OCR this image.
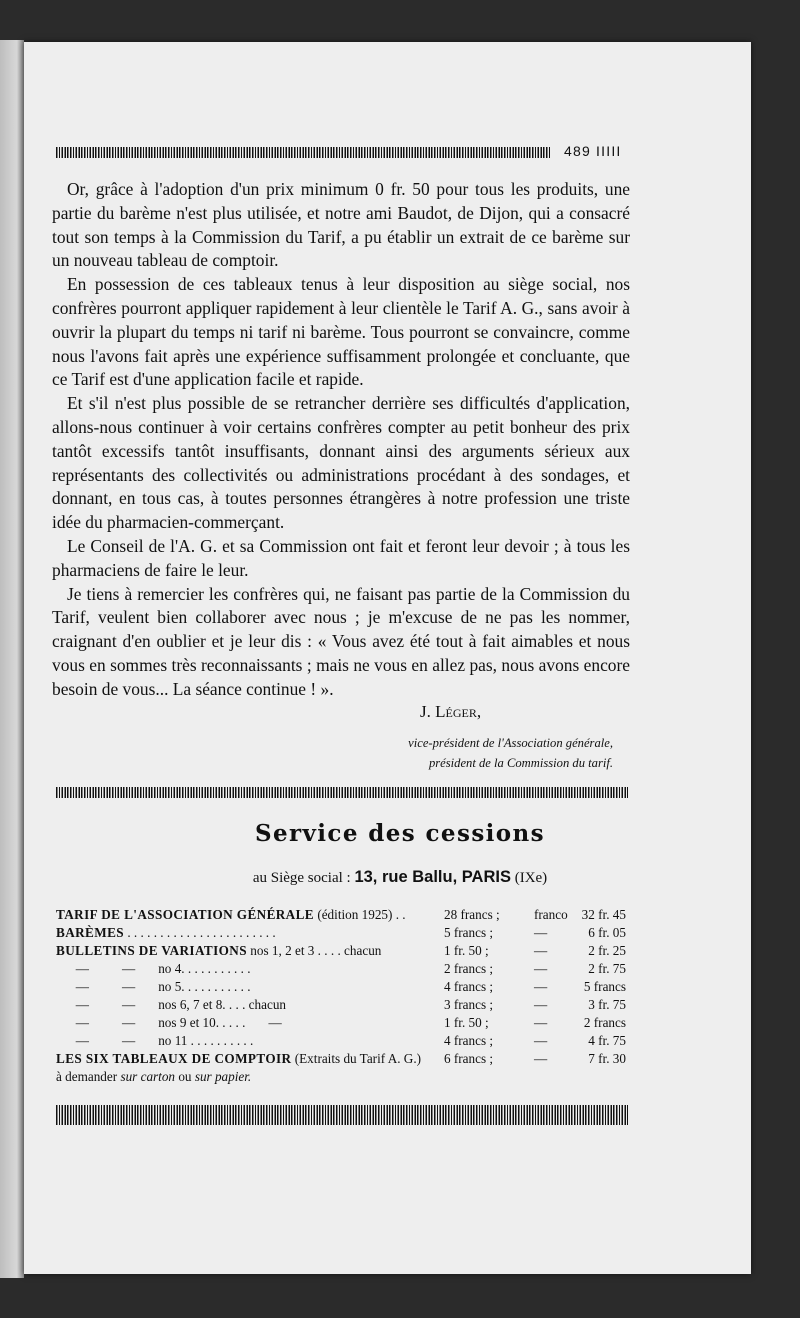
489 IIIII

Or, grâce à l'adoption d'un prix minimum 0 fr. 50 pour tous les produits, une partie du barème n'est plus utilisée, et notre ami Baudot, de Dijon, qui a consacré tout son temps à la Commission du Tarif, a pu établir un extrait de ce barème sur un nouveau tableau de comptoir.

En possession de ces tableaux tenus à leur disposition au siège social, nos confrères pourront appliquer rapidement à leur clientèle le Tarif A. G., sans avoir à ouvrir la plupart du temps ni tarif ni barème. Tous pourront se convaincre, comme nous l'avons fait après une expérience suffisamment prolongée et concluante, que ce Tarif est d'une application facile et rapide.

Et s'il n'est plus possible de se retrancher derrière ses difficultés d'application, allons-nous continuer à voir certains confrères compter au petit bonheur des prix tantôt excessifs tantôt insuffisants, donnant ainsi des arguments sérieux aux représentants des collectivités ou administrations procédant à des sondages, et donnant, en tous cas, à toutes personnes étrangères à notre profession une triste idée du pharmacien-commerçant.

Le Conseil de l'A. G. et sa Commission ont fait et feront leur devoir ; à tous les pharmaciens de faire le leur.

Je tiens à remercier les confrères qui, ne faisant pas partie de la Commission du Tarif, veulent bien collaborer avec nous ; je m'excuse de ne pas les nommer, craignant d'en oublier et je leur dis : « Vous avez été tout à fait aimables et nous vous en sommes très reconnaissants ; mais ne vous en allez pas, nous avons encore besoin de vous... La séance continue ! ».

J. Léger,
vice-président de l'Association générale,
président de la Commission du tarif.
Service des cessions
au Siège social : 13, rue Ballu, PARIS (IXe)
TARIF DE L'ASSOCIATION GÉNÉRALE (édition 1925) . .	28 francs ;	franco	32 fr. 45
BARÈMES . . . . . . . . . . . . . . . . . . . . . . .	5 francs ;	—	6 fr. 05
BULLETINS DE VARIATIONS nos 1, 2 et 3 . . . . chacun	1 fr. 50 ;	—	2 fr. 25
—          —       no 4. . . . . . . . . . .	2 francs ;	—	2 fr. 75
—          —       no 5. . . . . . . . . . .	4 francs ;	—	5 francs
—          —       nos 6, 7 et 8. . . . chacun	3 francs ;	—	3 fr. 75
—          —       nos 9 et 10. . . . .       —	1 fr. 50 ;	—	2 francs
—          —       no 11 . . . . . . . . . .	4 francs ;	—	4 fr. 75
LES SIX TABLEAUX DE COMPTOIR (Extraits du Tarif A. G.) 6 francs ;	—	7 fr. 30
à demander sur carton ou sur papier.
